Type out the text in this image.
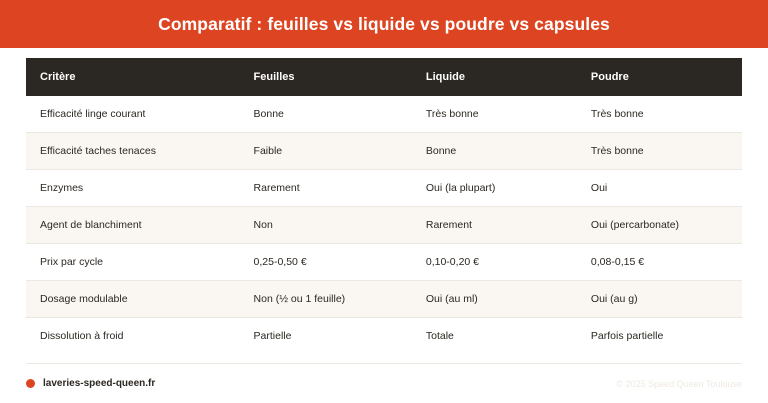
Comparatif : feuilles vs liquide vs poudre vs capsules
Critère	Feuilles	Liquide	Poudre
Efficacité linge courant	Bonne	Très bonne	Très bonne
Efficacité taches tenaces	Faible	Bonne	Très bonne
Enzymes	Rarement	Oui (la plupart)	Oui
Agent de blanchiment	Non	Rarement	Oui (percarbonate)
Prix par cycle	0,25-0,50 €	0,10-0,20 €	0,08-0,15 €
Dosage modulable	Non (½ ou 1 feuille)	Oui (au ml)	Oui (au g)
Dissolution à froid	Partielle	Totale	Parfois partielle
laveries-speed-queen.fr	© 2025 Speed Queen Toulouse
